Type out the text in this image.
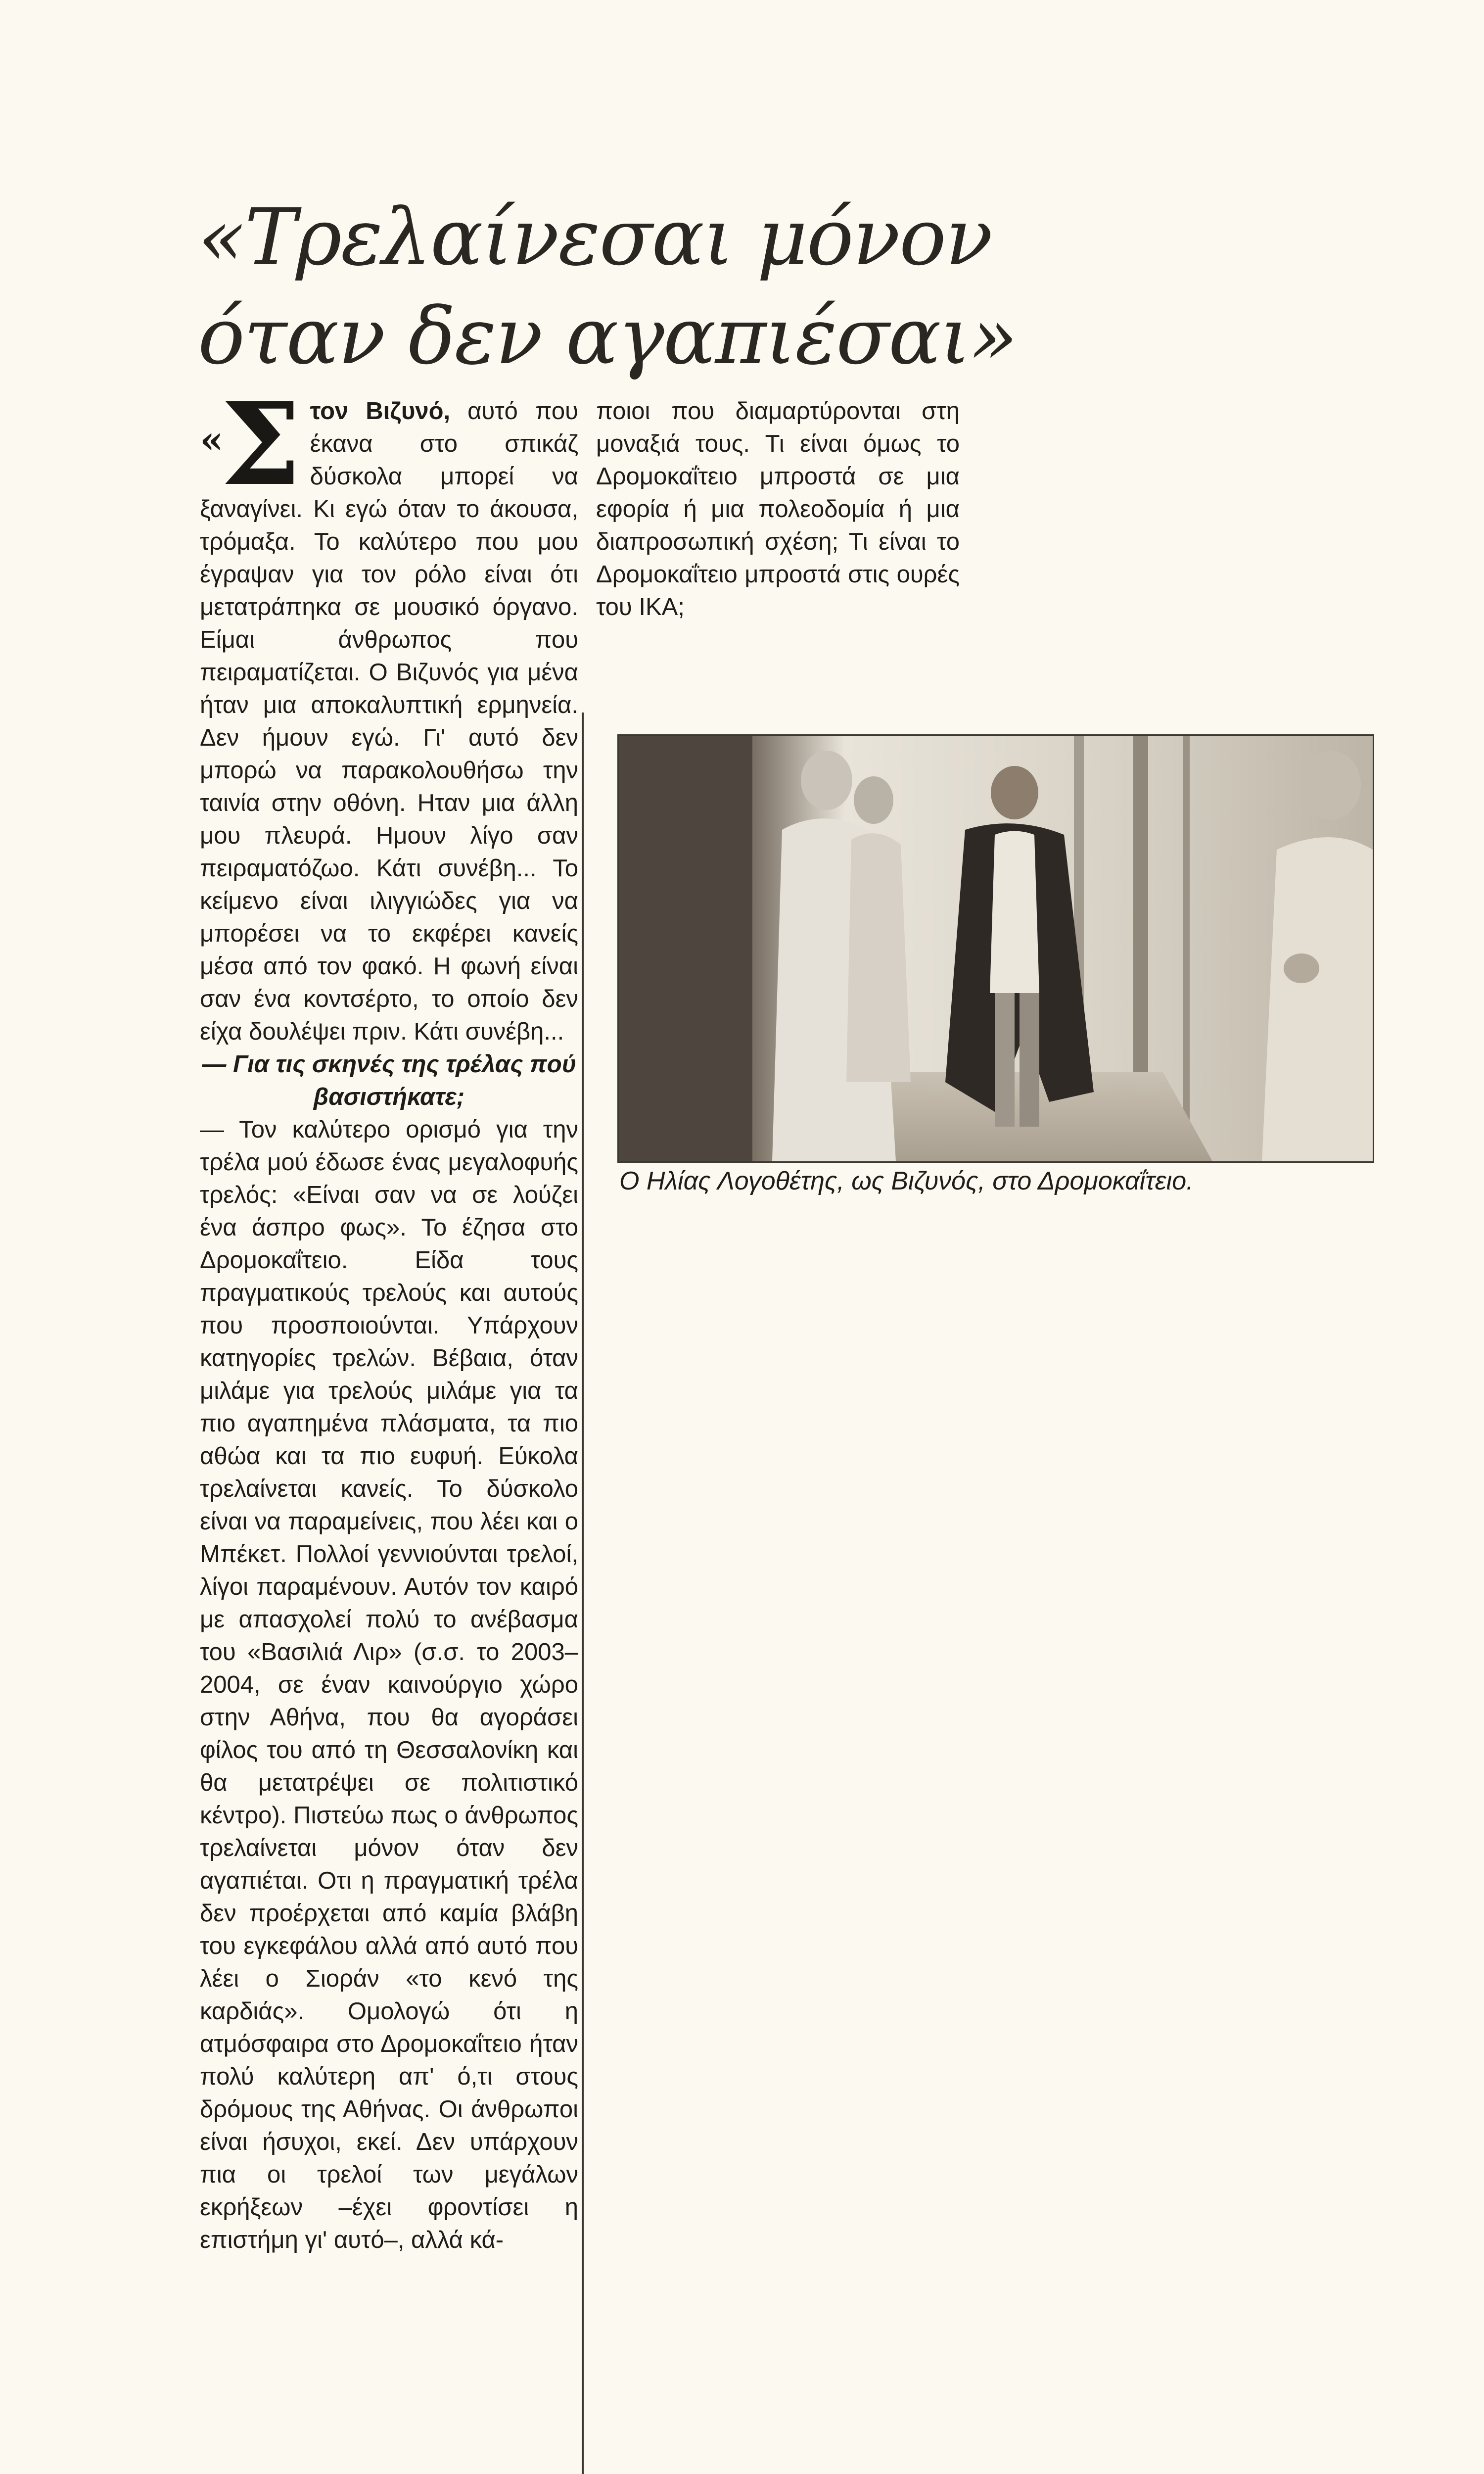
«Τρελαίνεσαι μόνον
όταν δεν αγαπιέσαι»
«
Σ τον Βιζυνό, αυτό που έκανα στο σπικάζ δύσκολα μπορεί να ξαναγίνει. Κι εγώ όταν το άκουσα, τρόμαξα. Το καλύτερο που μου έγραψαν για τον ρόλο είναι ότι μετατράπηκα σε μουσικό όργανο. Είμαι άνθρωπος που πειραματίζεται. Ο Βιζυνός για μένα ήταν μια αποκαλυπτική ερμηνεία. Δεν ήμουν εγώ. Γι' αυτό δεν μπορώ να παρακολουθήσω την ταινία στην οθόνη. Ηταν μια άλλη μου πλευρά. Ημουν λίγο σαν πειραματόζωο. Κάτι συνέβη... Το κείμενο είναι ιλιγγιώδες για να μπορέσει να το εκφέρει κανείς μέσα από τον φακό. Η φωνή είναι σαν ένα κοντσέρτο, το οποίο δεν είχα δουλέψει πριν. Κάτι συνέβη...

— Για τις σκηνές της τρέλας πού βασιστήκατε;

— Τον καλύτερο ορισμό για την τρέλα μού έδωσε ένας μεγαλοφυής τρελός: «Είναι σαν να σε λούζει ένα άσπρο φως». Το έζησα στο Δρομοκαΐτειο. Είδα τους πραγματικούς τρελούς και αυτούς που προσποιούνται. Υπάρχουν κατηγορίες τρελών. Βέβαια, όταν μιλάμε για τρελούς μιλάμε για τα πιο αγαπημένα πλάσματα, τα πιο αθώα και τα πιο ευφυή. Εύκολα τρελαίνεται κανείς. Το δύσκολο είναι να παραμείνεις, που λέει και ο Μπέκετ. Πολλοί γεννιούνται τρελοί, λίγοι παραμένουν. Αυτόν τον καιρό με απασχολεί πολύ το ανέβασμα του «Βασιλιά Λιρ» (σ.σ. το 2003–2004, σε έναν καινούργιο χώρο στην Αθήνα, που θα αγοράσει φίλος του από τη Θεσσαλονίκη και θα μετατρέψει σε πολιτιστικό κέντρο). Πιστεύω πως ο άνθρωπος τρελαίνεται μόνον όταν δεν αγαπιέται. Οτι η πραγματική τρέλα δεν προέρχεται από καμία βλάβη του εγκεφάλου αλλά από αυτό που λέει ο Σιοράν «το κενό της καρδιάς». Ομολογώ ότι η ατμόσφαιρα στο Δρομοκαΐτειο ήταν πολύ καλύτερη απ' ό,τι στους δρόμους της Αθήνας. Οι άνθρωποι είναι ήσυχοι, εκεί. Δεν υπάρχουν πια οι τρελοί των μεγάλων εκρήξεων –έχει φροντίσει η επιστήμη γι' αυτό–, αλλά κά-

ποιοι που διαμαρτύρονται στη μοναξιά τους. Τι είναι όμως το Δρομοκαΐτειο μπροστά σε μια εφορία ή μια πολεοδομία ή μια διαπροσωπική σχέση; Τι είναι το Δρομοκαΐτειο μπροστά στις ουρές του ΙΚΑ;

Ο Ηλίας Λογοθέτης, ως Βιζυνός, στο Δρομοκαΐτειο.
